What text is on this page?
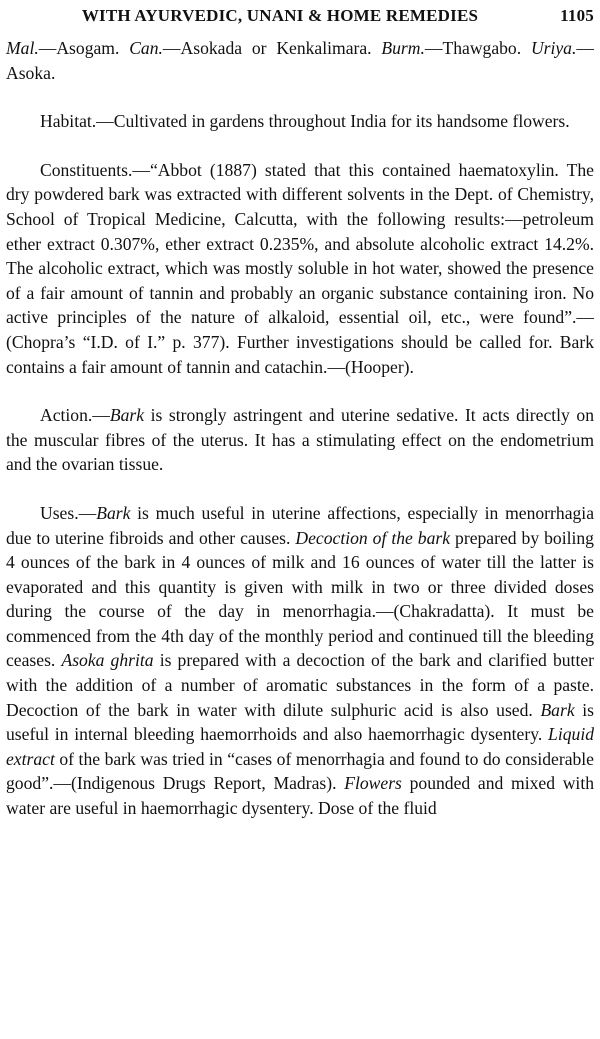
WITH AYURVEDIC, UNANI & HOME REMEDIES	1105

Mal.—Asogam. Can.—Asokada or Kenkalimara. Burm.—Thawgabo. Uriya.—Asoka.

Habitat.—Cultivated in gardens throughout India for its handsome flowers.

Constituents.—“Abbot (1887) stated that this contained haematoxylin. The dry powdered bark was extracted with different solvents in the Dept. of Chemistry, School of Tropical Medicine, Calcutta, with the following results:—petroleum ether extract 0.307%, ether extract 0.235%, and absolute alcoholic extract 14.2%. The alcoholic extract, which was mostly soluble in hot water, showed the presence of a fair amount of tannin and probably an organic substance containing iron. No active principles of the nature of alkaloid, essential oil, etc., were found”.—(Chopra’s “I.D. of I.” p. 377). Further investigations should be called for. Bark contains a fair amount of tannin and catachin.—(Hooper).

Action.—Bark is strongly astringent and uterine sedative. It acts directly on the muscular fibres of the uterus. It has a stimulating effect on the endometrium and the ovarian tissue.

Uses.—Bark is much useful in uterine affections, especially in menorrhagia due to uterine fibroids and other causes. Decoction of the bark prepared by boiling 4 ounces of the bark in 4 ounces of milk and 16 ounces of water till the latter is evaporated and this quantity is given with milk in two or three divided doses during the course of the day in menorrhagia.—(Chakradatta). It must be commenced from the 4th day of the monthly period and continued till the bleeding ceases. Asoka ghrita is prepared with a decoction of the bark and clarified butter with the addition of a number of aromatic substances in the form of a paste. Decoction of the bark in water with dilute sulphuric acid is also used. Bark is useful in internal bleeding haemorrhoids and also haemorrhagic dysentery. Liquid extract of the bark was tried in “cases of menorrhagia and found to do considerable good”.—(Indigenous Drugs Report, Madras). Flowers pounded and mixed with water are useful in haemorrhagic dysentery. Dose of the fluid
